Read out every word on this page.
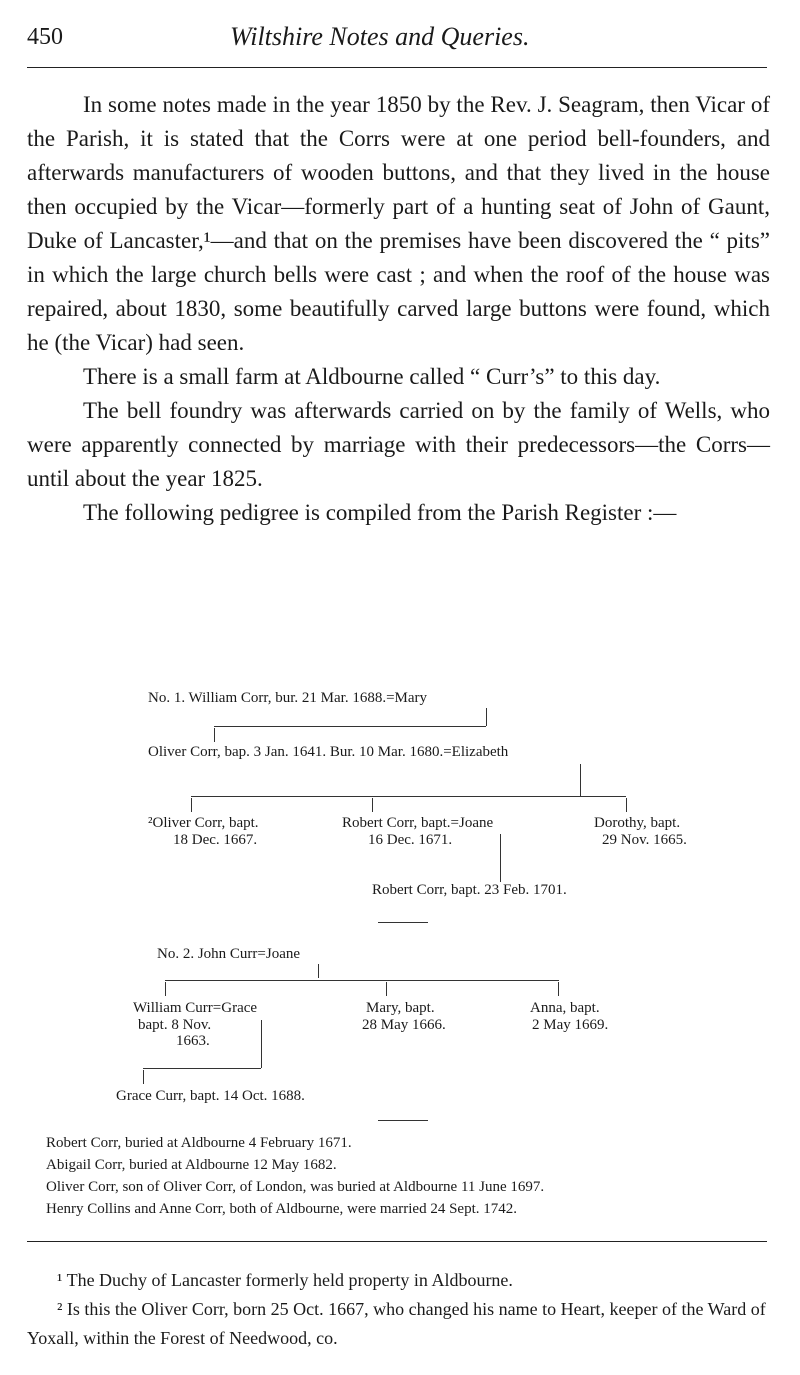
450	Wiltshire Notes and Queries.

In some notes made in the year 1850 by the Rev. J. Seagram, then Vicar of the Parish, it is stated that the Corrs were at one period bell-founders, and afterwards manufacturers of wooden buttons, and that they lived in the house then occupied by the Vicar—formerly part of a hunting seat of John of Gaunt, Duke of Lancaster,¹—and that on the premises have been discovered the “ pits” in which the large church bells were cast ; and when the roof of the house was repaired, about 1830, some beautifully carved large buttons were found, which he (the Vicar) had seen.

There is a small farm at Aldbourne called “ Curr’s” to this day.

The bell foundry was afterwards carried on by the family of Wells, who were apparently connected by marriage with their predecessors—the Corrs—until about the year 1825.

The following pedigree is compiled from the Parish Register :—

No. 1. William Corr, bur. 21 Mar. 1688.=Mary
Oliver Corr, bap. 3 Jan. 1641. Bur. 10 Mar. 1680.=Elizabeth
²Oliver Corr, bapt.
18 Dec. 1667.
Robert Corr, bapt.=Joane
16 Dec. 1671.
Dorothy, bapt.
29 Nov. 1665.
Robert Corr, bapt. 23 Feb. 1701.
No. 2. John Curr=Joane
William Curr=Grace
bapt. 8 Nov.
1663.
Mary, bapt.
28 May 1666.
Anna, bapt.
2 May 1669.
Grace Curr, bapt. 14 Oct. 1688.
Robert Corr, buried at Aldbourne 4 February 1671.
Abigail Corr, buried at Aldbourne 12 May 1682.
Oliver Corr, son of Oliver Corr, of London, was buried at Aldbourne 11 June 1697.
Henry Collins and Anne Corr, both of Aldbourne, were married 24 Sept. 1742.

¹ The Duchy of Lancaster formerly held property in Aldbourne.

² Is this the Oliver Corr, born 25 Oct. 1667, who changed his name to Heart, keeper of the Ward of Yoxall, within the Forest of Needwood, co.
